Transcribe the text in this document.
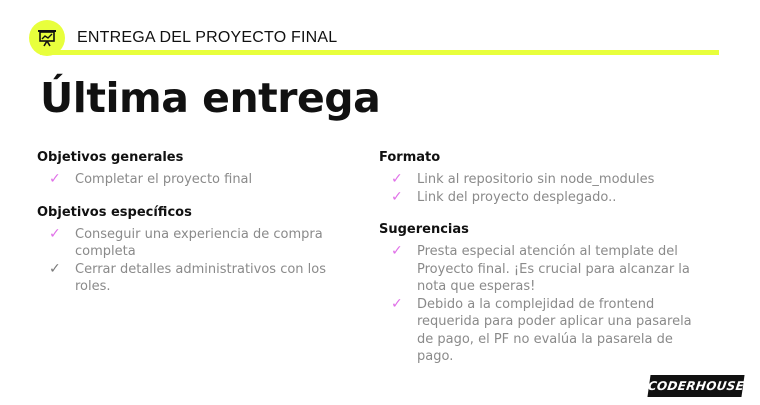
ENTREGA DEL PROYECTO FINAL
Última entrega
Objetivos generales
✓ Completar el proyecto final
Objetivos específicos
✓ Conseguir una experiencia de compra completa
✓ Cerrar detalles administrativos con los roles.
Formato
✓ Link al repositorio sin node_modules
✓ Link del proyecto desplegado..
Sugerencias
✓ Presta especial atención al template del Proyecto final. ¡Es crucial para alcanzar la nota que esperas!
✓ Debido a la complejidad de frontend requerida para poder aplicar una pasarela de pago, el PF no evalúa la pasarela de pago.
CODERHOUSE
